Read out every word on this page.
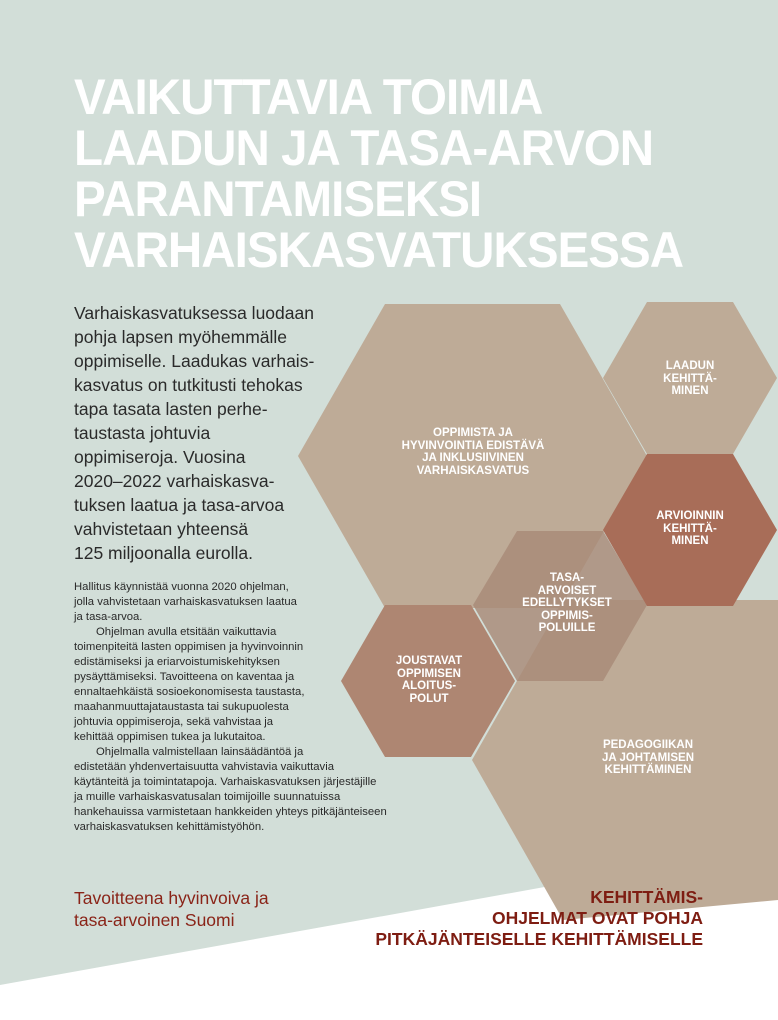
VAIKUTTAVIA TOIMIA
LAADUN JA TASA-ARVON
PARANTAMISEKSI
VARHAISKASVATUKSESSA

Varhaiskasvatuksessa luodaan
pohja lapsen myöhemmälle
oppimiselle. Laadukas varhais-
kasvatus on tutkitusti tehokas
tapa tasata lasten perhe-
taustasta johtuvia
oppimiseroja. Vuosina
2020–2022 varhaiskasva-
tuksen laatua ja tasa-arvoa
vahvistetaan yhteensä
125 miljoonalla eurolla.

Hallitus käynnistää vuonna 2020 ohjelman,
jolla vahvistetaan varhaiskasvatuksen laatua
ja tasa-arvoa.
Ohjelman avulla etsitään vaikuttavia
toimenpiteitä lasten oppimisen ja hyvinvoinnin
edistämiseksi ja eriarvoistumiskehityksen
pysäyttämiseksi. Tavoitteena on kaventaa ja
ennaltaehkäistä sosioekonomisesta taustasta,
maahanmuuttajataustasta tai sukupuolesta
johtuvia oppimiseroja, sekä vahvistaa ja
kehittää oppimisen tukea ja lukutaitoa.
Ohjelmalla valmistellaan lainsäädäntöä ja
edistetään yhdenvertaisuutta vahvistavia vaikuttavia
käytänteitä ja toimintatapoja. Varhaiskasvatuksen järjestäjille
ja muille varhaiskasvatusalan toimijoille suunnatuissa
hankehauissa varmistetaan hankkeiden yhteys pitkäjänteiseen
varhaiskasvatuksen kehittämistyöhön.

OPPIMISTA JA
HYVINVOINTIA EDISTÄVÄ
JA INKLUSIIVINEN
VARHAISKASVATUS
LAADUN
KEHITTÄ-
MINEN
ARVIOINNIN
KEHITTÄ-
MINEN
TASA-
ARVOISET
EDELLYTYKSET
OPPIMIS-
POLUILLE
JOUSTAVAT
OPPIMISEN
ALOITUS-
POLUT
PEDAGOGIIKAN
JA JOHTAMISEN
KEHITTÄMINEN

Tavoitteena hyvinvoiva ja
tasa-arvoinen Suomi

KEHITTÄMIS-
OHJELMAT OVAT POHJA
PITKÄJÄNTEISELLE KEHITTÄMISELLE
